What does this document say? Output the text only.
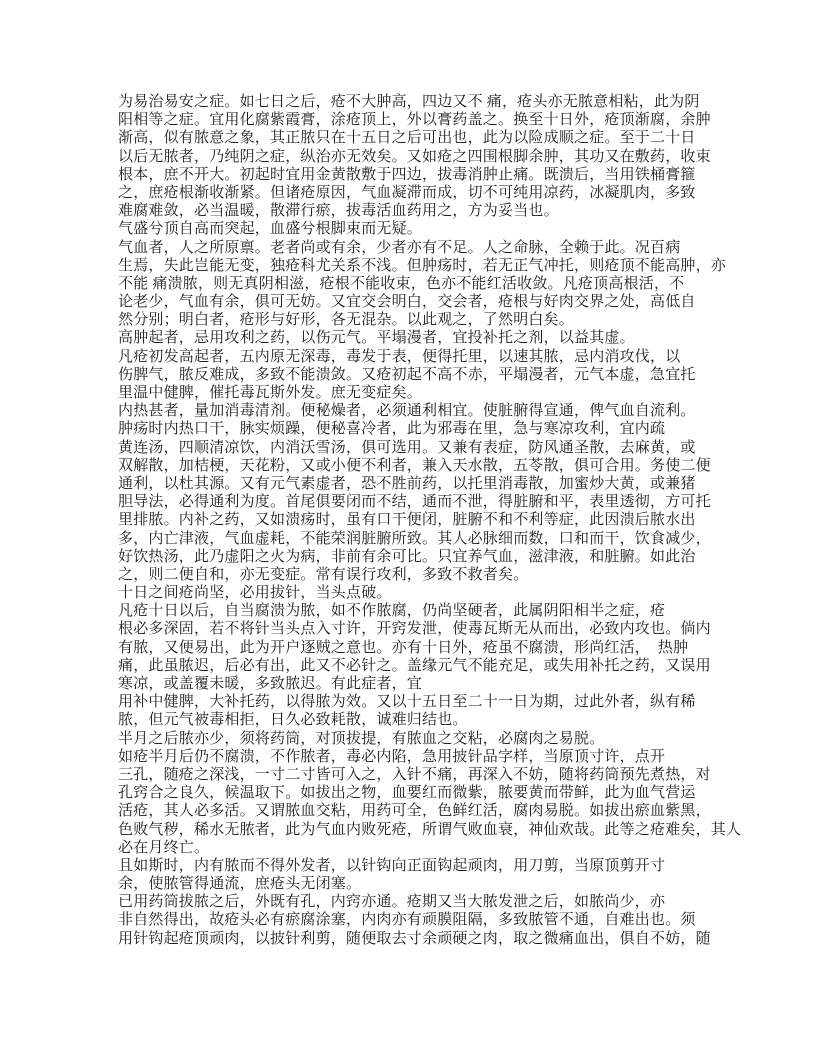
为易治易安之症。如七日之后，疮不大肿高，四边又不 痛，疮头亦无脓意相粘，此为阴
阳相等之症。宜用化腐紫霞膏，涂疮顶上，外以膏药盖之。换至十日外，疮顶渐腐，余肿
渐高，似有脓意之象，其正脓只在十五日之后可出也，此为以险成顺之症。至于二十日
以后无脓者，乃纯阴之症，纵治亦无效矣。又如疮之四围根脚余肿，其功又在敷药，收束
根本，庶不开大。初起时宜用金黄散敷于四边，拔毒消肿止痛。既溃后，当用铁桶膏箍
之，庶疮根渐收渐紧。但诸疮原因，气血凝滞而成，切不可纯用凉药，冰凝肌肉，多致
难腐难敛，必当温暖，散滞行瘀，拔毒活血药用之，方为妥当也。
气盛兮顶自高而突起，血盛兮根脚束而无疑。
气血者，人之所原禀。老者尚或有余，少者亦有不足。人之命脉，全赖于此。况百病
生焉，失此岂能无变，独疮科尤关系不浅。但肿疡时，若无正气冲托，则疮顶不能高肿，亦
不能 痛溃脓，则无真阴相滋，疮根不能收束，色亦不能红活收敛。凡疮顶高根活，不
论老少，气血有余，俱可无妨。又宜交会明白，交会者，疮根与好肉交界之处，高低自
然分别；明白者，疮形与好形，各无混杂。以此观之，了然明白矣。
高肿起者，忌用攻利之药，以伤元气。平塌漫者，宜投补托之剂，以益其虚。
凡疮初发高起者，五内原无深毒，毒发于表，便得托里，以速其脓，忌内消攻伐，以
伤脾气，脓反难成，多致不能溃敛。又疮初起不高不赤，平塌漫者，元气本虚，急宜托
里温中健脾，催托毒瓦斯外发。庶无变症矣。
内热甚者，量加消毒清剂。便秘燥者，必须通利相宜。使脏腑得宣通，俾气血自流利。
肿疡时内热口干，脉实烦躁，便秘喜冷者，此为邪毒在里，急与寒凉攻利，宜内疏
黄连汤，四顺清凉饮，内消沃雪汤，俱可选用。又兼有表症，防风通圣散，去麻黄，或
双解散，加桔梗，天花粉，又或小便不利者，兼入天水散，五苓散，俱可合用。务使二便
通利，以杜其源。又有元气素虚者，恐不胜前药，以托里消毒散，加蜜炒大黄，或兼猪
胆导法，必得通利为度。首尾俱要闭而不结，通而不泄，得脏腑和平，表里透彻，方可托
里排脓。内补之药，又如溃疡时，虽有口干便闭，脏腑不和不利等症，此因溃后脓水出
多，内亡津液，气血虚耗，不能荣润脏腑所致。其人必脉细而数，口和而干，饮食减少，
好饮热汤，此乃虚阳之火为病，非前有余可比。只宜养气血，滋津液，和脏腑。如此治
之，则二便自和，亦无变症。常有误行攻利，多致不救者矣。
十日之间疮尚坚，必用拔针，当头点破。
凡疮十日以后，自当腐溃为脓，如不作脓腐，仍尚坚硬者，此属阴阳相半之症，疮
根必多深固，若不将针当头点入寸许，开窍发泄，使毒瓦斯无从而出，必致内攻也。倘内
有脓，又便易出，此为开户逐贼之意也。亦有十日外，疮虽不腐溃，形尚红活，  热肿
痛，此虽脓迟，后必有出，此又不必针之。盖缘元气不能充足，或失用补托之药，又误用
寒凉，或盖覆未暖，多致脓迟。有此症者，宜
用补中健脾，大补托药，以得脓为效。又以十五日至二十一日为期，过此外者，纵有稀
脓，但元气被毒相拒，日久必致耗散，诚难归结也。
半月之后脓亦少，须将药筒，对顶拔提，有脓血之交粘，必腐肉之易脱。
如疮半月后仍不腐溃，不作脓者，毒必内陷，急用披针品字样，当原顶寸许，点开
三孔，随疮之深浅，一寸二寸皆可入之，入针不痛，再深入不妨，随将药筒预先煮热，对
孔窍合之良久，候温取下。如拔出之物，血要红而微紫，脓要黄而带鲜，此为血气营运
活疮，其人必多活。又谓脓血交粘，用药可全，色鲜红活，腐肉易脱。如拔出瘀血紫黑，
色败气秽，稀水无脓者，此为气血内败死疮，所谓气败血衰，神仙欢哉。此等之疮难矣，其人
必在月终亡。
且如斯时，内有脓而不得外发者，以针钩向正面钩起顽肉，用刀剪，当原顶剪开寸
余，使脓管得通流，庶疮头无闭塞。
已用药筒拔脓之后，外既有孔，内窍亦通。疮期又当大脓发泄之后，如脓尚少，亦
非自然得出，故疮头必有瘀腐涂塞，内肉亦有顽膜阻隔，多致脓管不通，自难出也。须
用针钩起疮顶顽肉，以披针利剪，随便取去寸余顽硬之肉，取之微痛血出，俱自不妨，随
